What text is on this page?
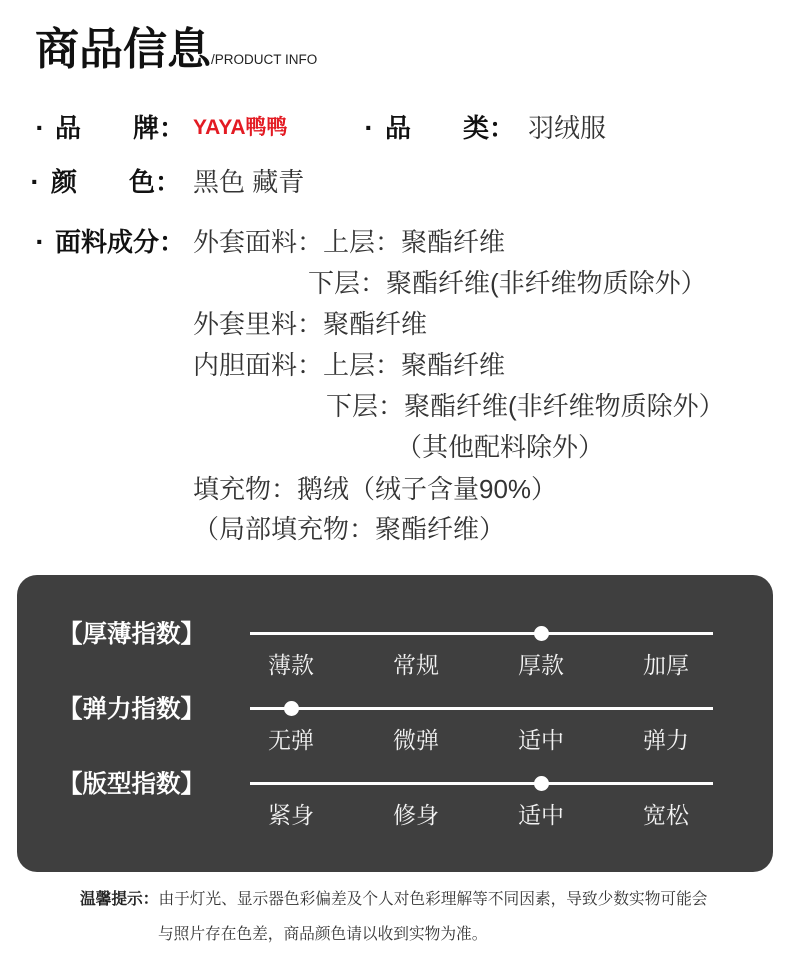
商品信息 /PRODUCT INFO
· 品　　牌： YAYA鸭鸭	· 品　　类： 羽绒服
· 颜　　色： 黑色 藏青
· 面料成分： 外套面料：上层：聚酯纤维
下层：聚酯纤维(非纤维物质除外）
外套里料：聚酯纤维
内胆面料：上层：聚酯纤维
下层：聚酯纤维(非纤维物质除外）
（其他配料除外）
填充物：鹅绒（绒子含量90%）
（局部填充物：聚酯纤维）
【厚薄指数】
薄款	常规	厚款	加厚
【弹力指数】
无弹	微弹	适中	弹力
【版型指数】
紧身	修身	适中	宽松
温馨提示：由于灯光、显示器色彩偏差及个人对色彩理解等不同因素，导致少数实物可能会
与照片存在色差，商品颜色请以收到实物为准。
